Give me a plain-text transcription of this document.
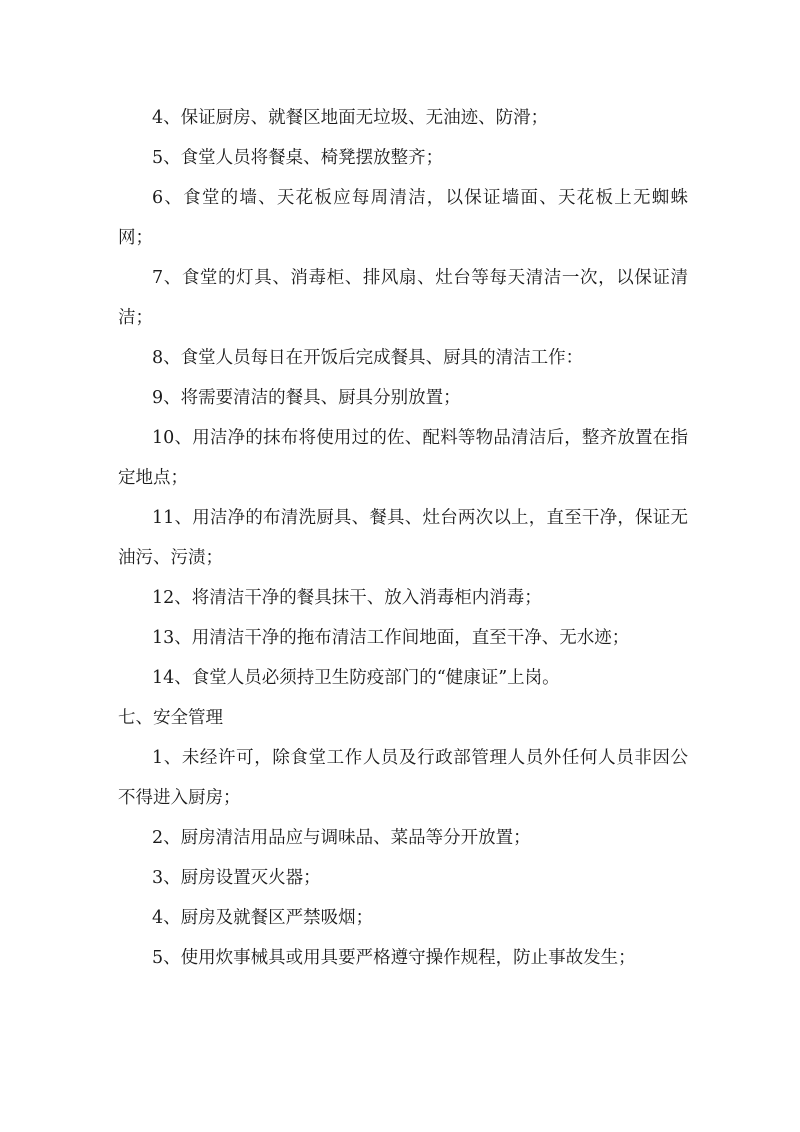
4、保证厨房、就餐区地面无垃圾、无油迹、防滑；

5、食堂人员将餐桌、椅凳摆放整齐；

6、食堂的墙、天花板应每周清洁，以保证墙面、天花板上无蜘蛛网；

7、食堂的灯具、消毒柜、排风扇、灶台等每天清洁一次，以保证清洁；

8、食堂人员每日在开饭后完成餐具、厨具的清洁工作：

9、将需要清洁的餐具、厨具分别放置；

10、用洁净的抹布将使用过的佐、配料等物品清洁后，整齐放置在指定地点；

11、用洁净的布清洗厨具、餐具、灶台两次以上，直至干净，保证无油污、污渍；

12、将清洁干净的餐具抹干、放入消毒柜内消毒；

13、用清洁干净的拖布清洁工作间地面，直至干净、无水迹；

14、食堂人员必须持卫生防疫部门的“健康证”上岗。

七、安全管理

1、未经许可，除食堂工作人员及行政部管理人员外任何人员非因公不得进入厨房；

2、厨房清洁用品应与调味品、菜品等分开放置；

3、厨房设置灭火器；

4、厨房及就餐区严禁吸烟；

5、使用炊事械具或用具要严格遵守操作规程，防止事故发生；
